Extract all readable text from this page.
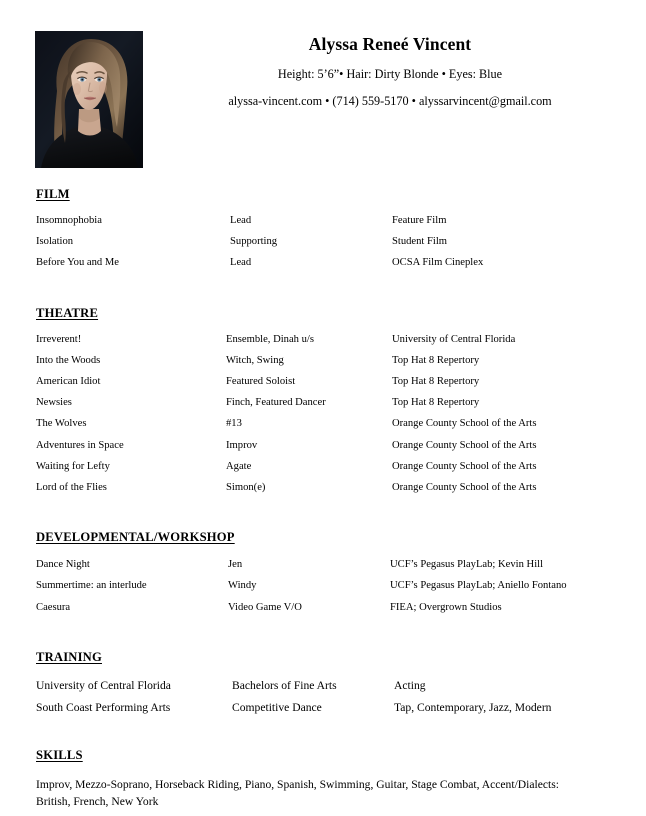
Alyssa Reneé Vincent
Height: 5’6”• Hair: Dirty Blonde • Eyes: Blue
alyssa-vincent.com • (714) 559-5170 • alyssarvincent@gmail.com
FILM
Insomnophobia	Lead	Feature Film
Isolation	Supporting	Student Film
Before You and Me	Lead	OCSA Film Cineplex
THEATRE
Irreverent!	Ensemble, Dinah u/s	University of Central Florida
Into the Woods	Witch, Swing	Top Hat 8 Repertory
American Idiot	Featured Soloist	Top Hat 8 Repertory
Newsies	Finch, Featured Dancer	Top Hat 8 Repertory
The Wolves	#13	Orange County School of the Arts
Adventures in Space	Improv	Orange County School of the Arts
Waiting for Lefty	Agate	Orange County School of the Arts
Lord of the Flies	Simon(e)	Orange County School of the Arts
DEVELOPMENTAL/WORKSHOP
Dance Night	Jen	UCF’s Pegasus PlayLab; Kevin Hill
Summertime: an interlude	Windy	UCF’s Pegasus PlayLab; Aniello Fontano
Caesura	Video Game V/O	FIEA; Overgrown Studios
TRAINING
University of Central Florida	Bachelors of Fine Arts	Acting
South Coast Performing Arts	Competitive Dance	Tap, Contemporary, Jazz, Modern
SKILLS
Improv, Mezzo-Soprano, Horseback Riding, Piano, Spanish, Swimming, Guitar, Stage Combat, Accent/Dialects: British, French, New York
